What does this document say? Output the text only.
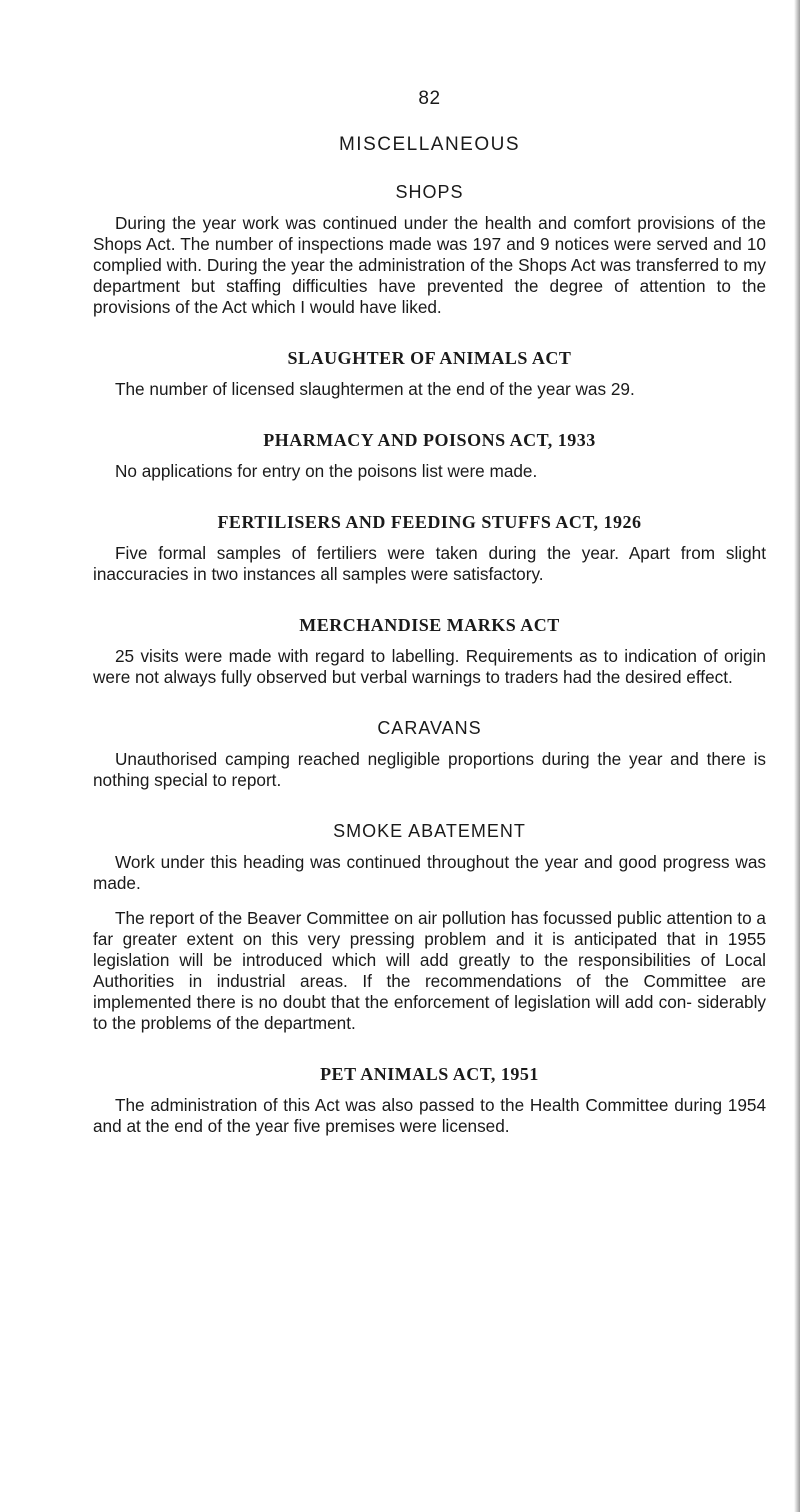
82
MISCELLANEOUS
SHOPS

During the year work was continued under the health and comfort provisions of the Shops Act. The number of inspections made was 197 and 9 notices were served and 10 complied with. During the year the administration of the Shops Act was transferred to my department but staffing difficulties have prevented the degree of attention to the provisions of the Act which I would have liked.

SLAUGHTER OF ANIMALS ACT

The number of licensed slaughtermen at the end of the year was 29.

PHARMACY AND POISONS ACT, 1933

No applications for entry on the poisons list were made.

FERTILISERS AND FEEDING STUFFS ACT, 1926

Five formal samples of fertiliers were taken during the year. Apart from slight inaccuracies in two instances all samples were satisfactory.

MERCHANDISE MARKS ACT

25 visits were made with regard to labelling. Requirements as to indication of origin were not always fully observed but verbal warnings to traders had the desired effect.

CARAVANS

Unauthorised camping reached negligible proportions during the year and there is nothing special to report.

SMOKE ABATEMENT

Work under this heading was continued throughout the year and good progress was made.

The report of the Beaver Committee on air pollution has focussed public attention to a far greater extent on this very pressing problem and it is anticipated that in 1955 legislation will be introduced which will add greatly to the responsibilities of Local Authorities in industrial areas. If the recommendations of the Committee are implemented there is no doubt that the enforcement of legislation will add con- siderably to the problems of the department.

PET ANIMALS ACT, 1951

The administration of this Act was also passed to the Health Committee during 1954 and at the end of the year five premises were licensed.
